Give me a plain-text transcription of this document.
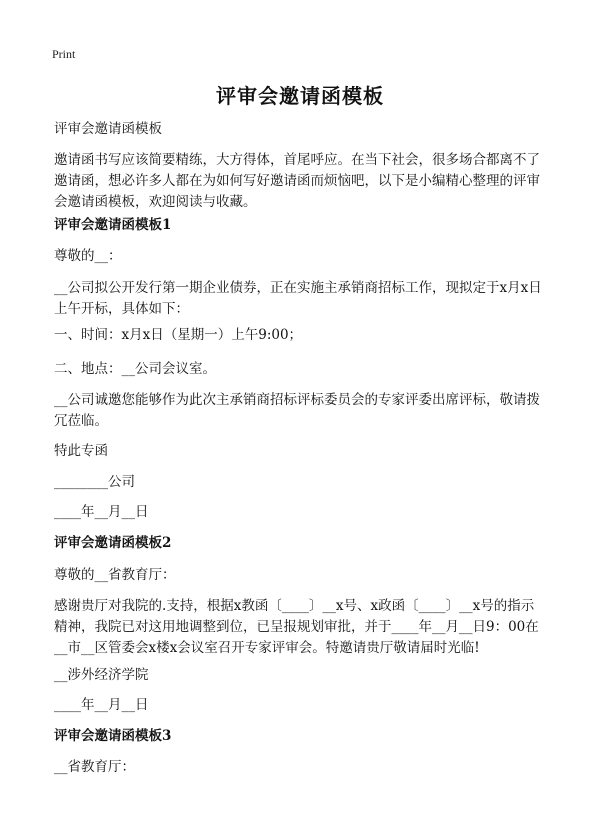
Print
评审会邀请函模板
评审会邀请函模板
邀请函书写应该简要精练，大方得体，首尾呼应。在当下社会，很多场合都离不了
邀请函，想必许多人都在为如何写好邀请函而烦恼吧，以下是小编精心整理的评审
会邀请函模板，欢迎阅读与收藏。
评审会邀请函模板1
尊敬的__：
__公司拟公开发行第一期企业债券，正在实施主承销商招标工作，现拟定于x月x日
上午开标，具体如下：
一、时间：x月x日（星期一）上午9:00；
二、地点：__公司会议室。
__公司诚邀您能够作为此次主承销商招标评标委员会的专家评委出席评标，敬请拨
冗莅临。
特此专函
________公司
____年__月__日
评审会邀请函模板2
尊敬的__省教育厅：
感谢贵厅对我院的.支持，根据x教函〔____〕__x号、x政函〔____〕__x号的指示
精神，我院已对这用地调整到位，已呈报规划审批，并于____年__月__日9：00在
__市__区管委会x楼x会议室召开专家评审会。特邀请贵厅敬请届时光临!
__涉外经济学院
____年__月__日
评审会邀请函模板3
__省教育厅：
